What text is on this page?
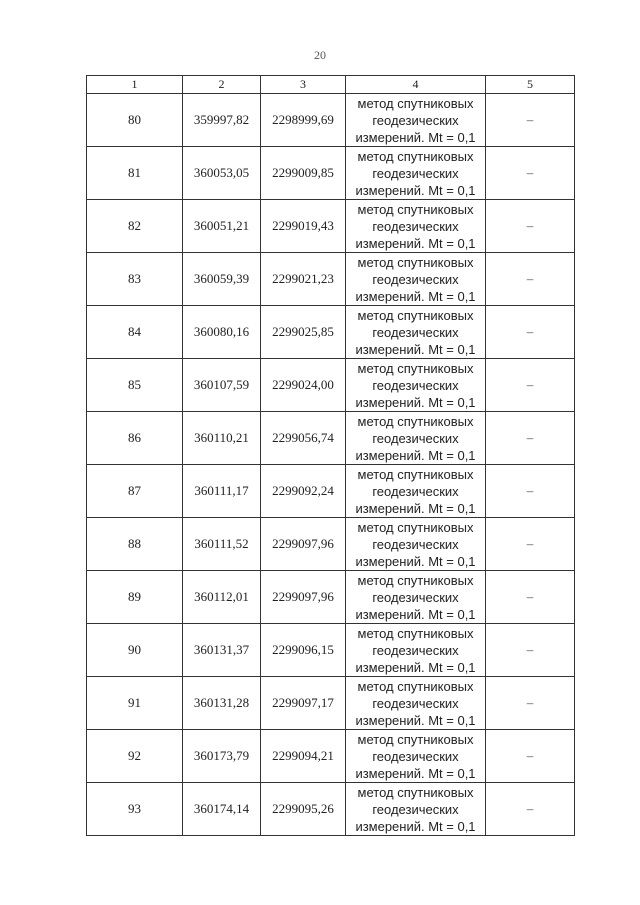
20
1	2	3	4	5
80	359997,82	2298999,69	метод спутниковых
геодезических
измерений. Mt = 0,1	–
81	360053,05	2299009,85	метод спутниковых
геодезических
измерений. Mt = 0,1	–
82	360051,21	2299019,43	метод спутниковых
геодезических
измерений. Mt = 0,1	–
83	360059,39	2299021,23	метод спутниковых
геодезических
измерений. Mt = 0,1	–
84	360080,16	2299025,85	метод спутниковых
геодезических
измерений. Mt = 0,1	–
85	360107,59	2299024,00	метод спутниковых
геодезических
измерений. Mt = 0,1	–
86	360110,21	2299056,74	метод спутниковых
геодезических
измерений. Mt = 0,1	–
87	360111,17	2299092,24	метод спутниковых
геодезических
измерений. Mt = 0,1	–
88	360111,52	2299097,96	метод спутниковых
геодезических
измерений. Mt = 0,1	–
89	360112,01	2299097,96	метод спутниковых
геодезических
измерений. Mt = 0,1	–
90	360131,37	2299096,15	метод спутниковых
геодезических
измерений. Mt = 0,1	–
91	360131,28	2299097,17	метод спутниковых
геодезических
измерений. Mt = 0,1	–
92	360173,79	2299094,21	метод спутниковых
геодезических
измерений. Mt = 0,1	–
93	360174,14	2299095,26	метод спутниковых
геодезических
измерений. Mt = 0,1	–
